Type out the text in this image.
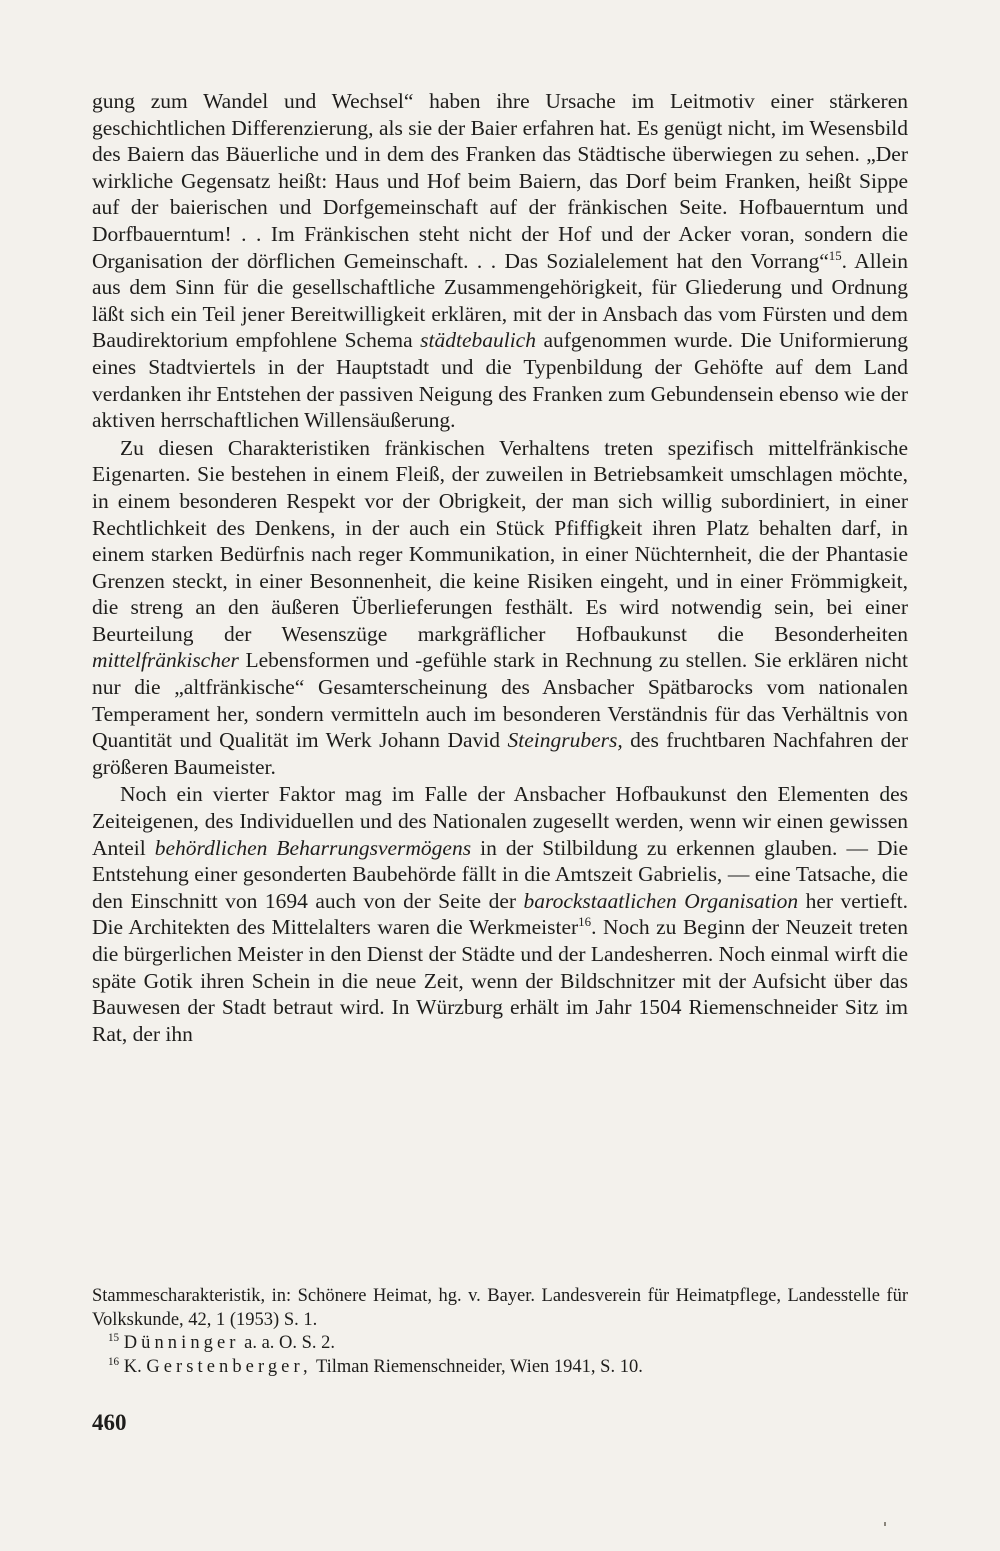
gung zum Wandel und Wechsel“ haben ihre Ursache im Leitmotiv einer stärkeren geschichtlichen Differenzierung, als sie der Baier erfahren hat. Es genügt nicht, im Wesensbild des Baiern das Bäuerliche und in dem des Franken das Städtische überwiegen zu sehen. „Der wirkliche Gegensatz heißt: Haus und Hof beim Baiern, das Dorf beim Franken, heißt Sippe auf der baierischen und Dorfgemeinschaft auf der fränkischen Seite. Hofbauerntum und Dorfbauerntum! . . Im Fränkischen steht nicht der Hof und der Acker voran, sondern die Organisation der dörflichen Gemeinschaft. . . Das Sozialelement hat den Vorrang“$^{15}$. Allein aus dem Sinn für die gesellschaftliche Zusammengehörigkeit, für Gliederung und Ordnung läßt sich ein Teil jener Bereitwilligkeit erklären, mit der in Ansbach das vom Fürsten und dem Baudirektorium empfohlene Schema städtebaulich aufgenommen wurde. Die Uniformierung eines Stadtviertels in der Hauptstadt und die Typenbildung der Gehöfte auf dem Land verdanken ihr Entstehen der passiven Neigung des Franken zum Gebundensein ebenso wie der aktiven herrschaftlichen Willensäußerung.

Zu diesen Charakteristiken fränkischen Verhaltens treten spezifisch mittelfränkische Eigenarten. Sie bestehen in einem Fleiß, der zuweilen in Betriebsamkeit umschlagen möchte, in einem besonderen Respekt vor der Obrigkeit, der man sich willig subordiniert, in einer Rechtlichkeit des Denkens, in der auch ein Stück Pfiffigkeit ihren Platz behalten darf, in einem starken Bedürfnis nach reger Kommunikation, in einer Nüchternheit, die der Phantasie Grenzen steckt, in einer Besonnenheit, die keine Risiken eingeht, und in einer Frömmigkeit, die streng an den äußeren Überlieferungen festhält. Es wird notwendig sein, bei einer Beurteilung der Wesenszüge markgräflicher Hofbaukunst die Besonderheiten mittelfränkischer Lebensformen und -gefühle stark in Rechnung zu stellen. Sie erklären nicht nur die „altfränkische“ Gesamterscheinung des Ansbacher Spätbarocks vom nationalen Temperament her, sondern vermitteln auch im besonderen Verständnis für das Verhältnis von Quantität und Qualität im Werk Johann David Steingrubers, des fruchtbaren Nachfahren der größeren Baumeister.

Noch ein vierter Faktor mag im Falle der Ansbacher Hofbaukunst den Elementen des Zeiteigenen, des Individuellen und des Nationalen zugesellt werden, wenn wir einen gewissen Anteil behördlichen Beharrungsvermögens in der Stilbildung zu erkennen glauben. — Die Entstehung einer gesonderten Baubehörde fällt in die Amtszeit Gabrielis, — eine Tatsache, die den Einschnitt von 1694 auch von der Seite der barockstaatlichen Organisation her vertieft. Die Architekten des Mittelalters waren die Werkmeister$^{16}$. Noch zu Beginn der Neuzeit treten die bürgerlichen Meister in den Dienst der Städte und der Landesherren. Noch einmal wirft die späte Gotik ihren Schein in die neue Zeit, wenn der Bildschnitzer mit der Aufsicht über das Bauwesen der Stadt betraut wird. In Würzburg erhält im Jahr 1504 Riemenschneider Sitz im Rat, der ihn

Stammescharakteristik, in: Schönere Heimat, hg. v. Bayer. Landesverein für Heimatpflege, Landesstelle für Volkskunde, 42, 1 (1953) S. 1.

$^{15}$ Dünninger a. a. O. S. 2.

$^{16}$ K. Gerstenberger, Tilman Riemenschneider, Wien 1941, S. 10.

460
